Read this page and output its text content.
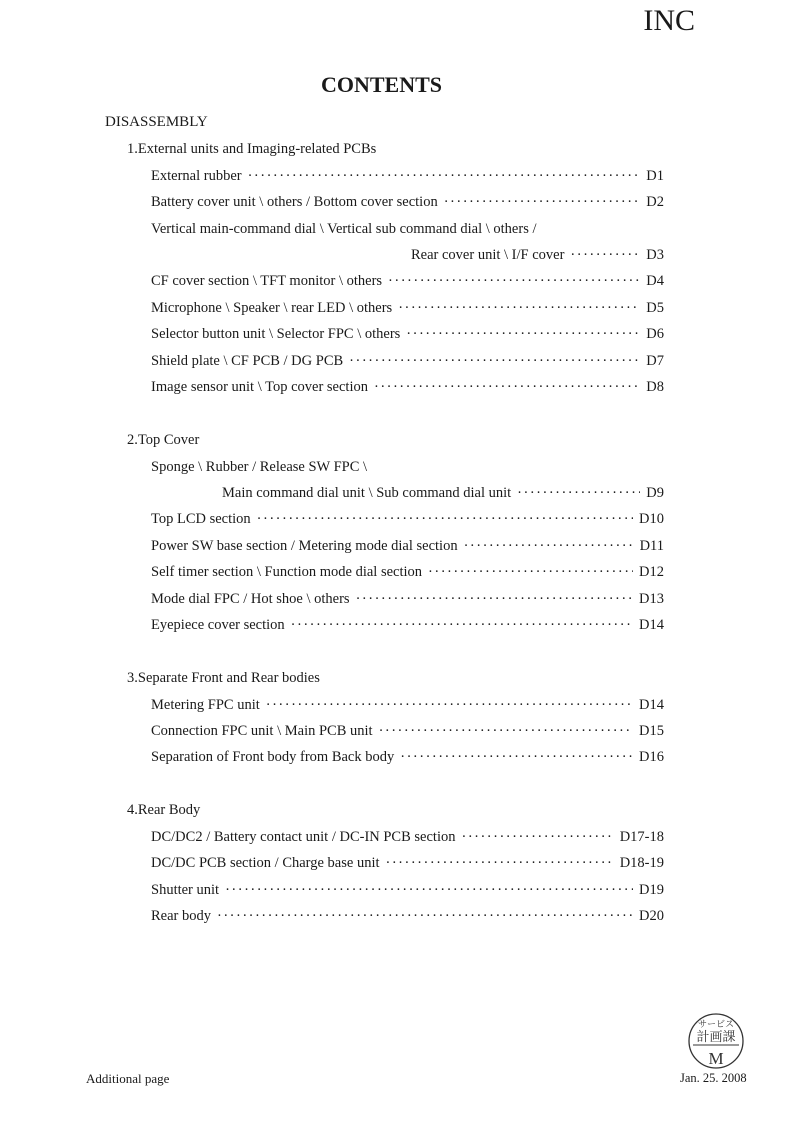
INC
CONTENTS
DISASSEMBLY
1.External units and Imaging-related PCBs
External rubber ·····	D1
Battery cover unit \ others / Bottom cover section ·····	D2
Vertical main-command dial \ Vertical sub command dial \ others /
Rear cover unit \ I/F cover ·····	D3
CF cover section \ TFT monitor \ others ·····	D4
Microphone \ Speaker \ rear LED \ others ·····	D5
Selector button unit \ Selector FPC \ others ·····	D6
Shield plate \ CF PCB / DG PCB ·····	D7
Image sensor unit \ Top cover section ·····	D8
2.Top Cover
Sponge \ Rubber / Release SW FPC \
Main command dial unit \ Sub command dial unit ·····	D9
Top LCD section ·····	D10
Power SW base section / Metering mode dial section ·····	D11
Self timer section \ Function mode dial section ·····	D12
Mode dial FPC / Hot shoe \ others ·····	D13
Eyepiece cover section ·····	D14
3.Separate Front and Rear bodies
Metering FPC unit ·····	D14
Connection FPC unit \ Main PCB unit ·····	D15
Separation of Front body from Back body ·····	D16
4.Rear Body
DC/DC2 / Battery contact unit / DC-IN PCB section ·····	D17-18
DC/DC PCB section / Charge base unit ·····	D18-19
Shutter unit ·····	D19
Rear body ·····	D20
サービス
計画課
M
Additional page	Jan. 25. 2008
